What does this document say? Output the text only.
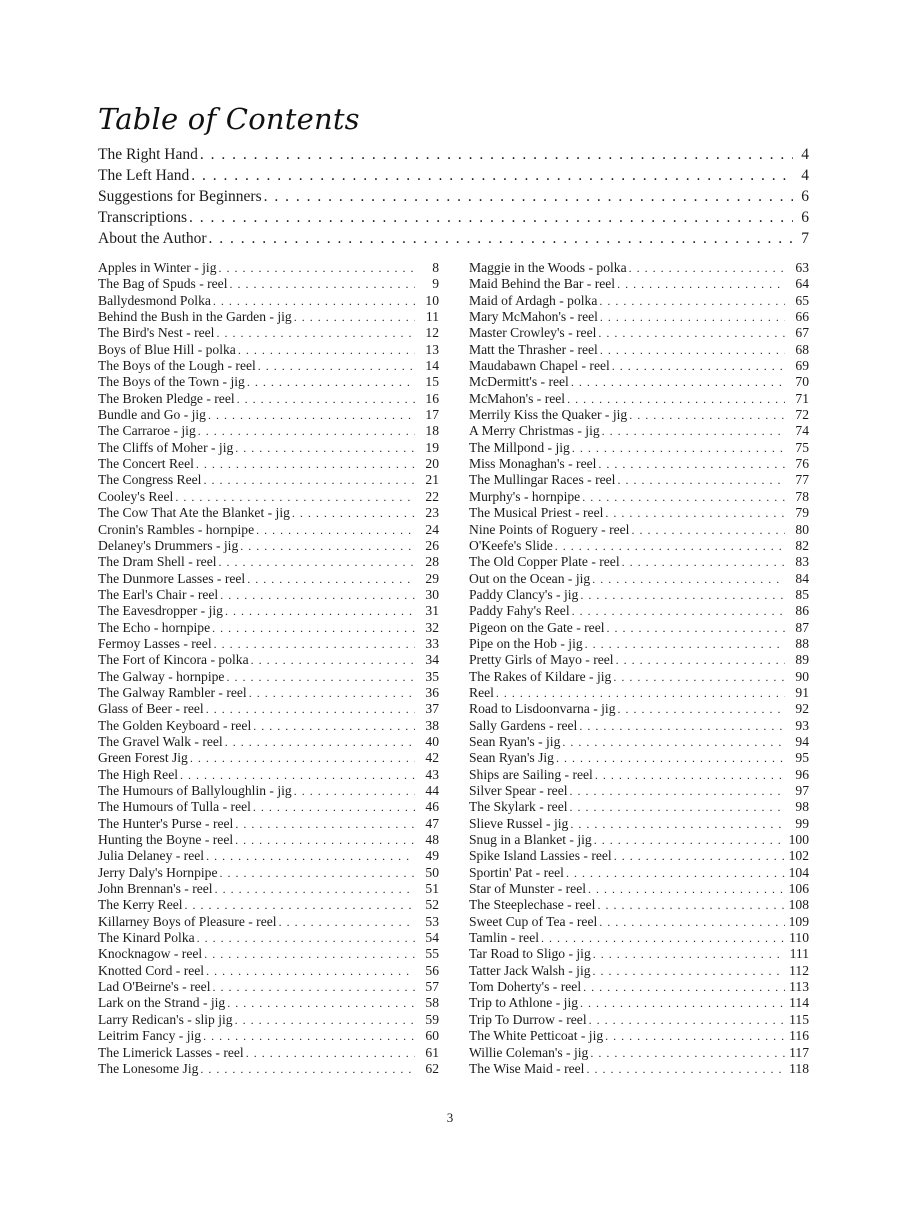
Table of Contents
The Right Hand . . .	4
The Left Hand . . .	4
Suggestions for Beginners . . .	6
Transcriptions . . .	6
About the Author . . .	7
Apples in Winter - jig . . .	8
The Bag of Spuds - reel . . .	9
Ballydesmond Polka . . .	10
Behind the Bush in the Garden - jig . . .	11
The Bird's Nest - reel . . .	12
Boys of Blue Hill - polka . . .	13
The Boys of the Lough - reel . . .	14
The Boys of the Town - jig . . .	15
The Broken Pledge - reel . . .	16
Bundle and Go - jig . . .	17
The Carraroe - jig . . .	18
The Cliffs of Moher - jig . . .	19
The Concert Reel . . .	20
The Congress Reel . . .	21
Cooley's Reel . . .	22
The Cow That Ate the Blanket - jig . . .	23
Cronin's Rambles - hornpipe . . .	24
Delaney's Drummers - jig . . .	26
The Dram Shell - reel . . .	28
The Dunmore Lasses - reel . . .	29
The Earl's Chair - reel . . .	30
The Eavesdropper - jig . . .	31
The Echo - hornpipe . . .	32
Fermoy Lasses - reel . . .	33
The Fort of Kincora - polka . . .	34
The Galway - hornpipe . . .	35
The Galway Rambler - reel . . .	36
Glass of Beer - reel . . .	37
The Golden Keyboard - reel . . .	38
The Gravel Walk - reel . . .	40
Green Forest Jig . . .	42
The High Reel . . .	43
The Humours of Ballyloughlin - jig . . .	44
The Humours of Tulla - reel . . .	46
The Hunter's Purse - reel . . .	47
Hunting the Boyne - reel . . .	48
Julia Delaney - reel . . .	49
Jerry Daly's Hornpipe . . .	50
John Brennan's - reel . . .	51
The Kerry Reel . . .	52
Killarney Boys of Pleasure - reel . . .	53
The Kinard Polka . . .	54
Knocknagow - reel . . .	55
Knotted Cord - reel . . .	56
Lad O'Beirne's - reel . . .	57
Lark on the Strand - jig . . .	58
Larry Redican's - slip jig . . .	59
Leitrim Fancy - jig . . .	60
The Limerick Lasses - reel . . .	61
The Lonesome Jig . . .	62
Maggie in the Woods - polka . . .	63
Maid Behind the Bar - reel . . .	64
Maid of Ardagh - polka . . .	65
Mary McMahon's - reel . . .	66
Master Crowley's - reel . . .	67
Matt the Thrasher - reel . . .	68
Maudabawn Chapel - reel . . .	69
McDermitt's - reel . . .	70
McMahon's - reel . . .	71
Merrily Kiss the Quaker - jig . . .	72
A Merry Christmas - jig . . .	74
The Millpond - jig . . .	75
Miss Monaghan's - reel . . .	76
The Mullingar Races - reel . . .	77
Murphy's - hornpipe . . .	78
The Musical Priest - reel . . .	79
Nine Points of Roguery - reel . . .	80
O'Keefe's Slide . . .	82
The Old Copper Plate - reel . . .	83
Out on the Ocean - jig . . .	84
Paddy Clancy's - jig . . .	85
Paddy Fahy's Reel . . .	86
Pigeon on the Gate - reel . . .	87
Pipe on the Hob - jig . . .	88
Pretty Girls of Mayo - reel . . .	89
The Rakes of Kildare - jig . . .	90
Reel . . .	91
Road to Lisdoonvarna - jig . . .	92
Sally Gardens - reel . . .	93
Sean Ryan's - jig . . .	94
Sean Ryan's Jig . . .	95
Ships are Sailing - reel . . .	96
Silver Spear - reel . . .	97
The Skylark - reel . . .	98
Slieve Russel - jig . . .	99
Snug in a Blanket - jig . . .	100
Spike Island Lassies - reel . . .	102
Sportin' Pat - reel . . .	104
Star of Munster - reel . . .	106
The Steeplechase - reel . . .	108
Sweet Cup of Tea - reel . . .	109
Tamlin - reel . . .	110
Tar Road to Sligo - jig . . .	111
Tatter Jack Walsh - jig . . .	112
Tom Doherty's - reel . . .	113
Trip to Athlone - jig . . .	114
Trip To Durrow - reel . . .	115
The White Petticoat - jig . . .	116
Willie Coleman's - jig . . .	117
The Wise Maid - reel . . .	118
3
